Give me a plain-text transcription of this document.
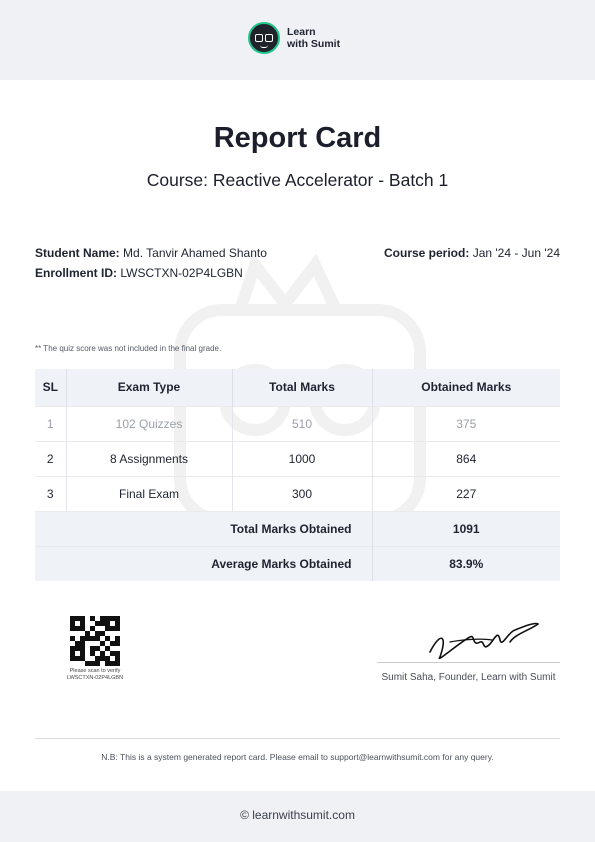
Learn
with Sumit
Report Card
Course: Reactive Accelerator - Batch 1
Student Name: Md. Tanvir Ahamed Shanto
Enrollment ID: LWSCTXN-02P4LGBN
Course period: Jan '24 - Jun '24
** The quiz score was not included in the final grade.
SL	Exam Type	Total Marks	Obtained Marks
1	102 Quizzes	510	375
2	8 Assignments	1000	864
3	Final Exam	300	227
Total Marks Obtained			1091
Average Marks Obtained			83.9%
Please scan to verify
LWSCTXN-02P4LGBN	Sumit Saha, Founder, Learn with Sumit
N.B: This is a system generated report card. Please email to support@learnwithsumit.com for any query.
© learnwithsumit.com
